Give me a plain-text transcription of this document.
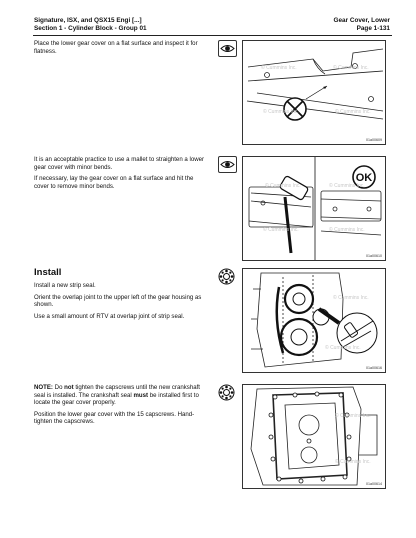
Signature, ISX, and QSX15 Engi [...]
Section 1 - Cylinder Block - Group 01
Gear Cover, Lower
Page 1-131

Place the lower gear cover on a flat surface and inspect it for flatness.

© Cummins Inc.	© Cummins Inc.
© Cummins Inc.	© Cummins Inc.
01a00609

It is an acceptable practice to use a mallet to straighten a lower gear cover with minor bends.

If necessary, lay the gear cover on a flat surface and hit the cover to remove minor bends.

OK
© Cummins Inc.	© Cummins Inc.
© Cummins Inc.	© Cummins Inc.
01a00610
Install

Install a new strip seal.

Orient the overlap joint to the upper left of the gear housing as shown.

Use a small amount of RTV at overlap joint of strip seal.

© Cummins Inc.
© Cummins Inc.
01a00616

NOTE: Do not tighten the capscrews until the new crankshaft seal is installed. The crankshaft seal must be installed first to locate the gear cover properly.

Position the lower gear cover with the 15 capscrews. Hand-tighten the capscrews.

© Cummins Inc.
© Cummins Inc.
01a00614
